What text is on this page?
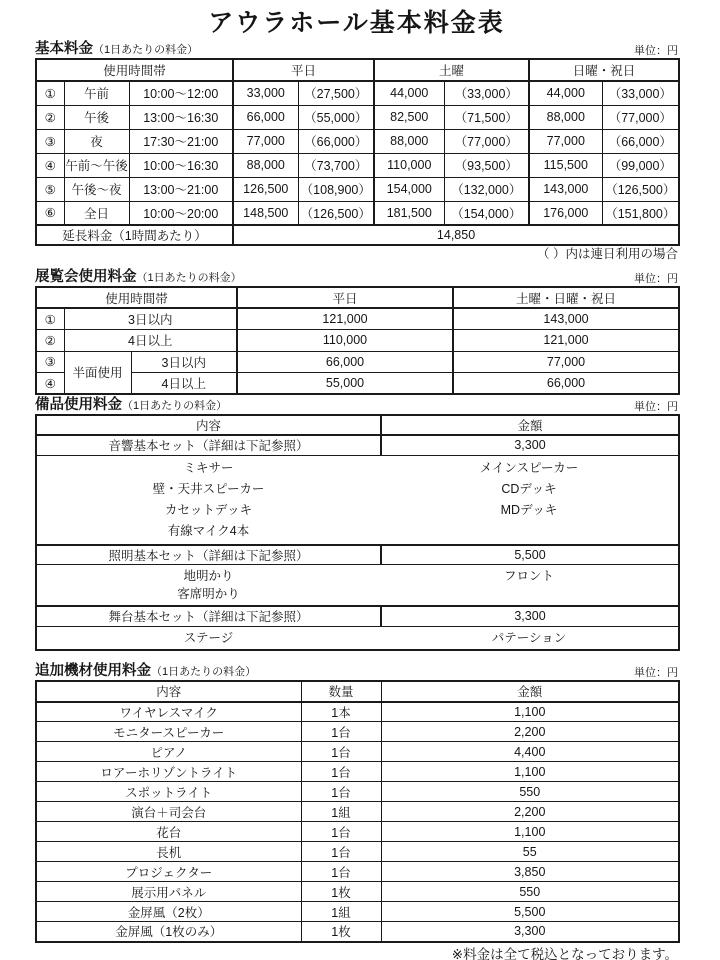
アウラホール基本料金表
基本料金（1日あたりの料金）	単位：円
使用時間帯			平日		土曜		日曜・祝日	
①	午前	10:00～12:00	33,000	（27,500）	44,000	（33,000）	44,000	（33,000）
②	午後	13:00～16:30	66,000	（55,000）	82,500	（71,500）	88,000	（77,000）
③	夜	17:30～21:00	77,000	（66,000）	88,000	（77,000）	77,000	（66,000）
④	午前～午後	10:00～16:30	88,000	（73,700）	110,000	（93,500）	115,500	（99,000）
⑤	午後～夜	13:00～21:00	126,500	（108,900）	154,000	（132,000）	143,000	（126,500）
⑥	全日	10:00～20:00	148,500	（126,500）	181,500	（154,000）	176,000	（151,800）
延長料金（1時間あたり）			14,850					
（ ）内は連日利用の場合
展覧会使用料金（1日あたりの料金）	単位：円
使用時間帯			平日	土曜・日曜・祝日
①	3日以内		121,000	143,000
②	4日以上		110,000	121,000
③	半面使用	3日以内	66,000	77,000
④		4日以上	55,000	66,000
備品使用料金（1日あたりの料金）	単位：円
内容	金額
音響基本セット（詳細は下記参照）	3,300

ミキサー	メインスピーカー
壁・天井スピーカー	CDデッキ
カセットデッキ	MDデッキ
有線マイク4本

照明基本セット（詳細は下記参照）	5,500

地明かり フロント
客席明かり	

舞台基本セット（詳細は下記参照）	3,300

ステージ パテーション	
追加機材使用料金（1日あたりの料金）	単位：円
内容	数量	金額
ワイヤレスマイク	1本	1,100
モニタースピーカー	1台	2,200
ピアノ	1台	4,400
ロアーホリゾントライト	1台	1,100
スポットライト	1台	550
演台＋司会台	1組	2,200
花台	1台	1,100
長机	1台	55
プロジェクター	1台	3,850
展示用パネル	1枚	550
金屏風（2枚）	1組	5,500
金屏風（1枚のみ）	1枚	3,300
※料金は全て税込となっております。
